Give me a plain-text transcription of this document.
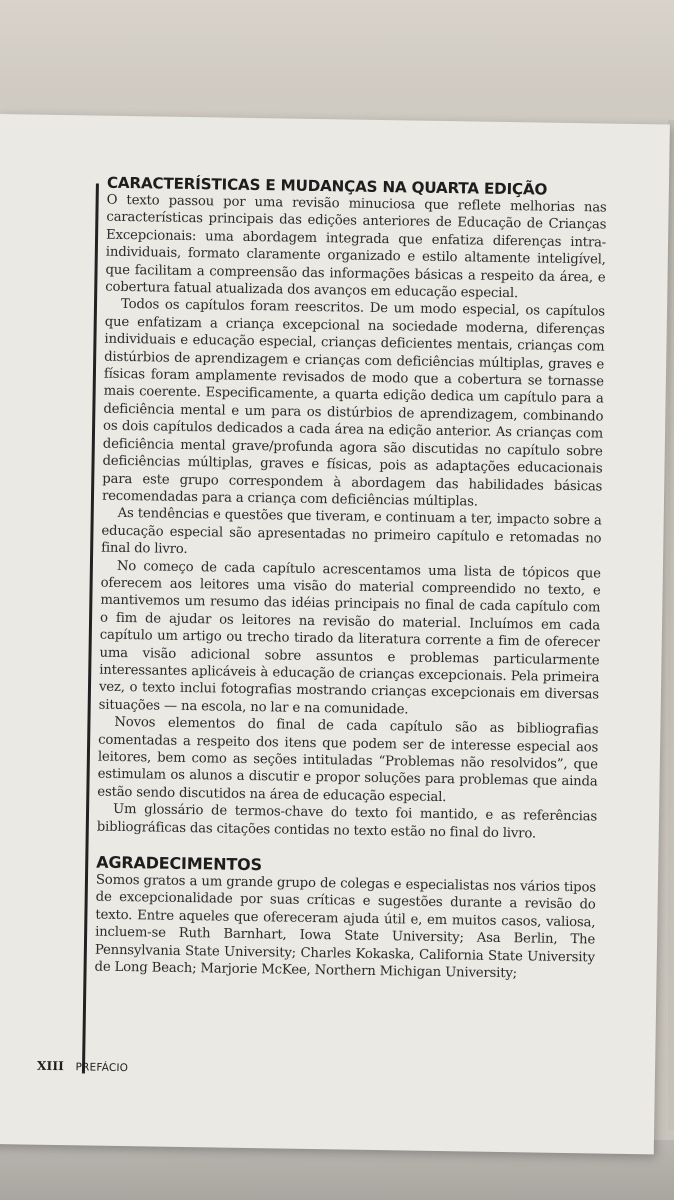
CARACTERÍSTICAS E MUDANÇAS NA QUARTA EDIÇÃO

O texto passou por uma revisão minuciosa que reflete melhorias nas características principais das edições anteriores de Educação de Crianças Excepcionais: uma abordagem integrada que enfatiza diferenças intra-individuais, formato claramente organizado e estilo altamente inteligível, que facilitam a compreensão das informações básicas a respeito da área, e cobertura fatual atualizada dos avanços em educação especial.

Todos os capítulos foram reescritos. De um modo especial, os capítulos que enfatizam a criança excepcional na sociedade moderna, diferenças individuais e educação especial, crianças deficientes mentais, crianças com distúrbios de aprendizagem e crianças com deficiências múltiplas, graves e físicas foram amplamente revisados de modo que a cobertura se tornasse mais coerente. Especificamente, a quarta edição dedica um capítulo para a deficiência mental e um para os distúrbios de aprendizagem, combinando os dois capítulos dedicados a cada área na edição anterior. As crianças com deficiência mental grave/profunda agora são discutidas no capítulo sobre deficiências múltiplas, graves e físicas, pois as adaptações educacionais para este grupo correspondem à abordagem das habilidades básicas recomendadas para a criança com deficiências múltiplas.

As tendências e questões que tiveram, e continuam a ter, impacto sobre a educação especial são apresentadas no primeiro capítulo e retomadas no final do livro.

No começo de cada capítulo acrescentamos uma lista de tópicos que oferecem aos leitores uma visão do material compreendido no texto, e mantivemos um resumo das idéias principais no final de cada capítulo com o fim de ajudar os leitores na revisão do material. Incluímos em cada capítulo um artigo ou trecho tirado da literatura corrente a fim de oferecer uma visão adicional sobre assuntos e problemas particularmente interessantes aplicáveis à educação de crianças excepcionais. Pela primeira vez, o texto inclui fotografias mostrando crianças excepcionais em diversas situações — na escola, no lar e na comunidade.

Novos elementos do final de cada capítulo são as bibliografias comentadas a respeito dos itens que podem ser de interesse especial aos leitores, bem como as seções intituladas “Problemas não resolvidos”, que estimulam os alunos a discutir e propor soluções para problemas que ainda estão sendo discutidos na área de educação especial.

Um glossário de termos-chave do texto foi mantido, e as referências bibliográficas das citações contidas no texto estão no final do livro.

AGRADECIMENTOS

Somos gratos a um grande grupo de colegas e especialistas nos vários tipos de excepcionalidade por suas críticas e sugestões durante a revisão do texto. Entre aqueles que ofereceram ajuda útil e, em muitos casos, valiosa, incluem-se Ruth Barnhart, Iowa State University; Asa Berlin, The Pennsylvania State University; Charles Kokaska, California State University de Long Beach; Marjorie McKee, Northern Michigan University;

XIII PREFÁCIO
